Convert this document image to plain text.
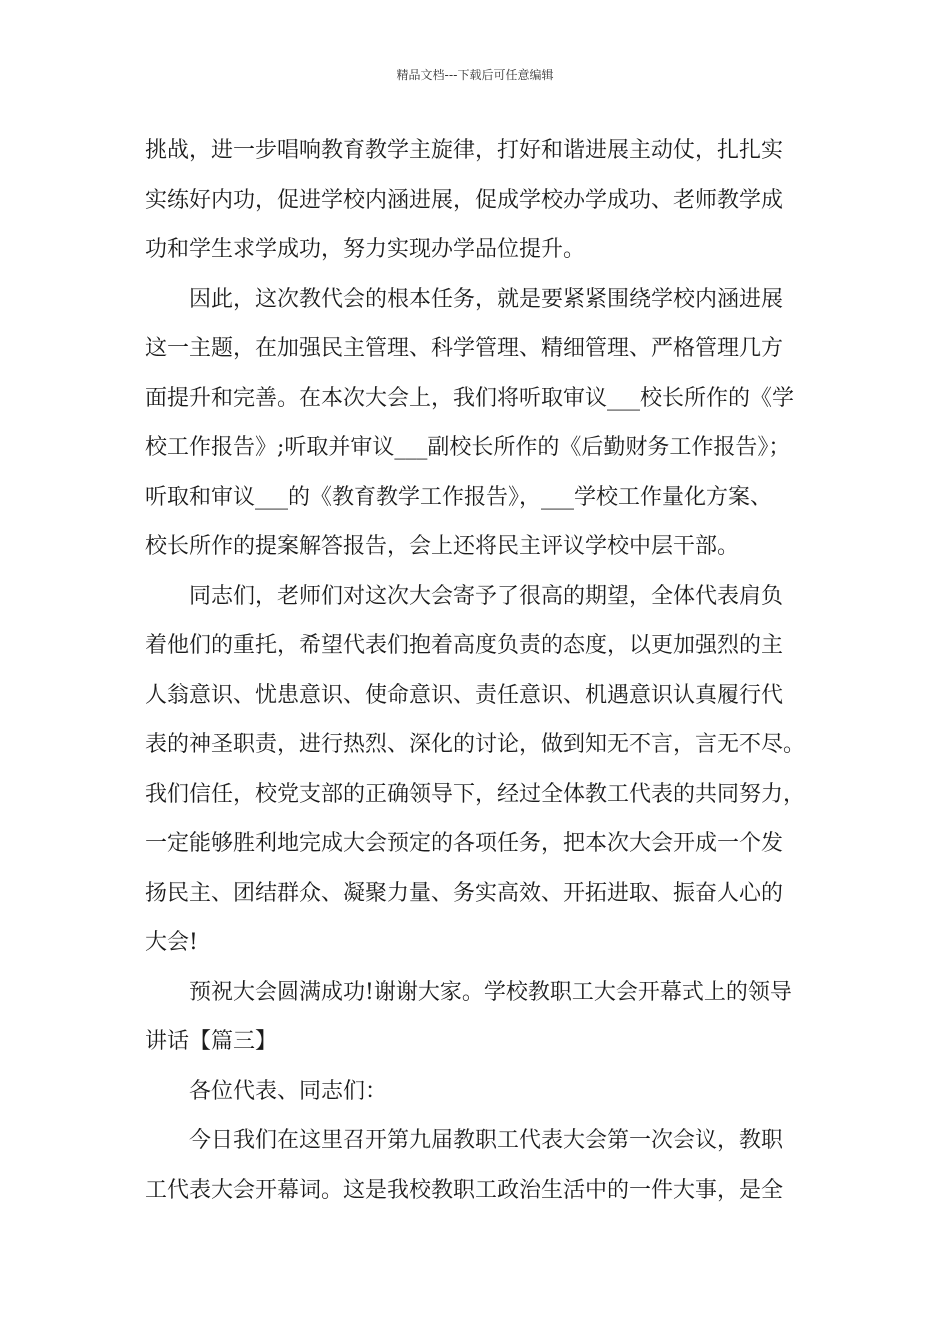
精品文档---下载后可任意编辑
挑战，进一步唱响教育教学主旋律，打好和谐进展主动仗，扎扎实
实练好内功，促进学校内涵进展，促成学校办学成功、老师教学成
功和学生求学成功，努力实现办学品位提升。
因此，这次教代会的根本任务，就是要紧紧围绕学校内涵进展
这一主题，在加强民主管理、科学管理、精细管理、严格管理几方
面提升和完善。在本次大会上，我们将听取审议___校长所作的《学
校工作报告》;听取并审议___副校长所作的《后勤财务工作报告》；
听取和审议___的《教育教学工作报告》，___学校工作量化方案、
校长所作的提案解答报告，会上还将民主评议学校中层干部。
同志们，老师们对这次大会寄予了很高的期望，全体代表肩负
着他们的重托，希望代表们抱着高度负责的态度，以更加强烈的主
人翁意识、忧患意识、使命意识、责任意识、机遇意识认真履行代
表的神圣职责，进行热烈、深化的讨论，做到知无不言，言无不尽。
我们信任，校党支部的正确领导下，经过全体教工代表的共同努力，
一定能够胜利地完成大会预定的各项任务，把本次大会开成一个发
扬民主、团结群众、凝聚力量、务实高效、开拓进取、振奋人心的
大会!
预祝大会圆满成功!谢谢大家。学校教职工大会开幕式上的领导
讲话【篇三】
各位代表、同志们：
今日我们在这里召开第九届教职工代表大会第一次会议，教职
工代表大会开幕词。这是我校教职工政治生活中的一件大事，是全
